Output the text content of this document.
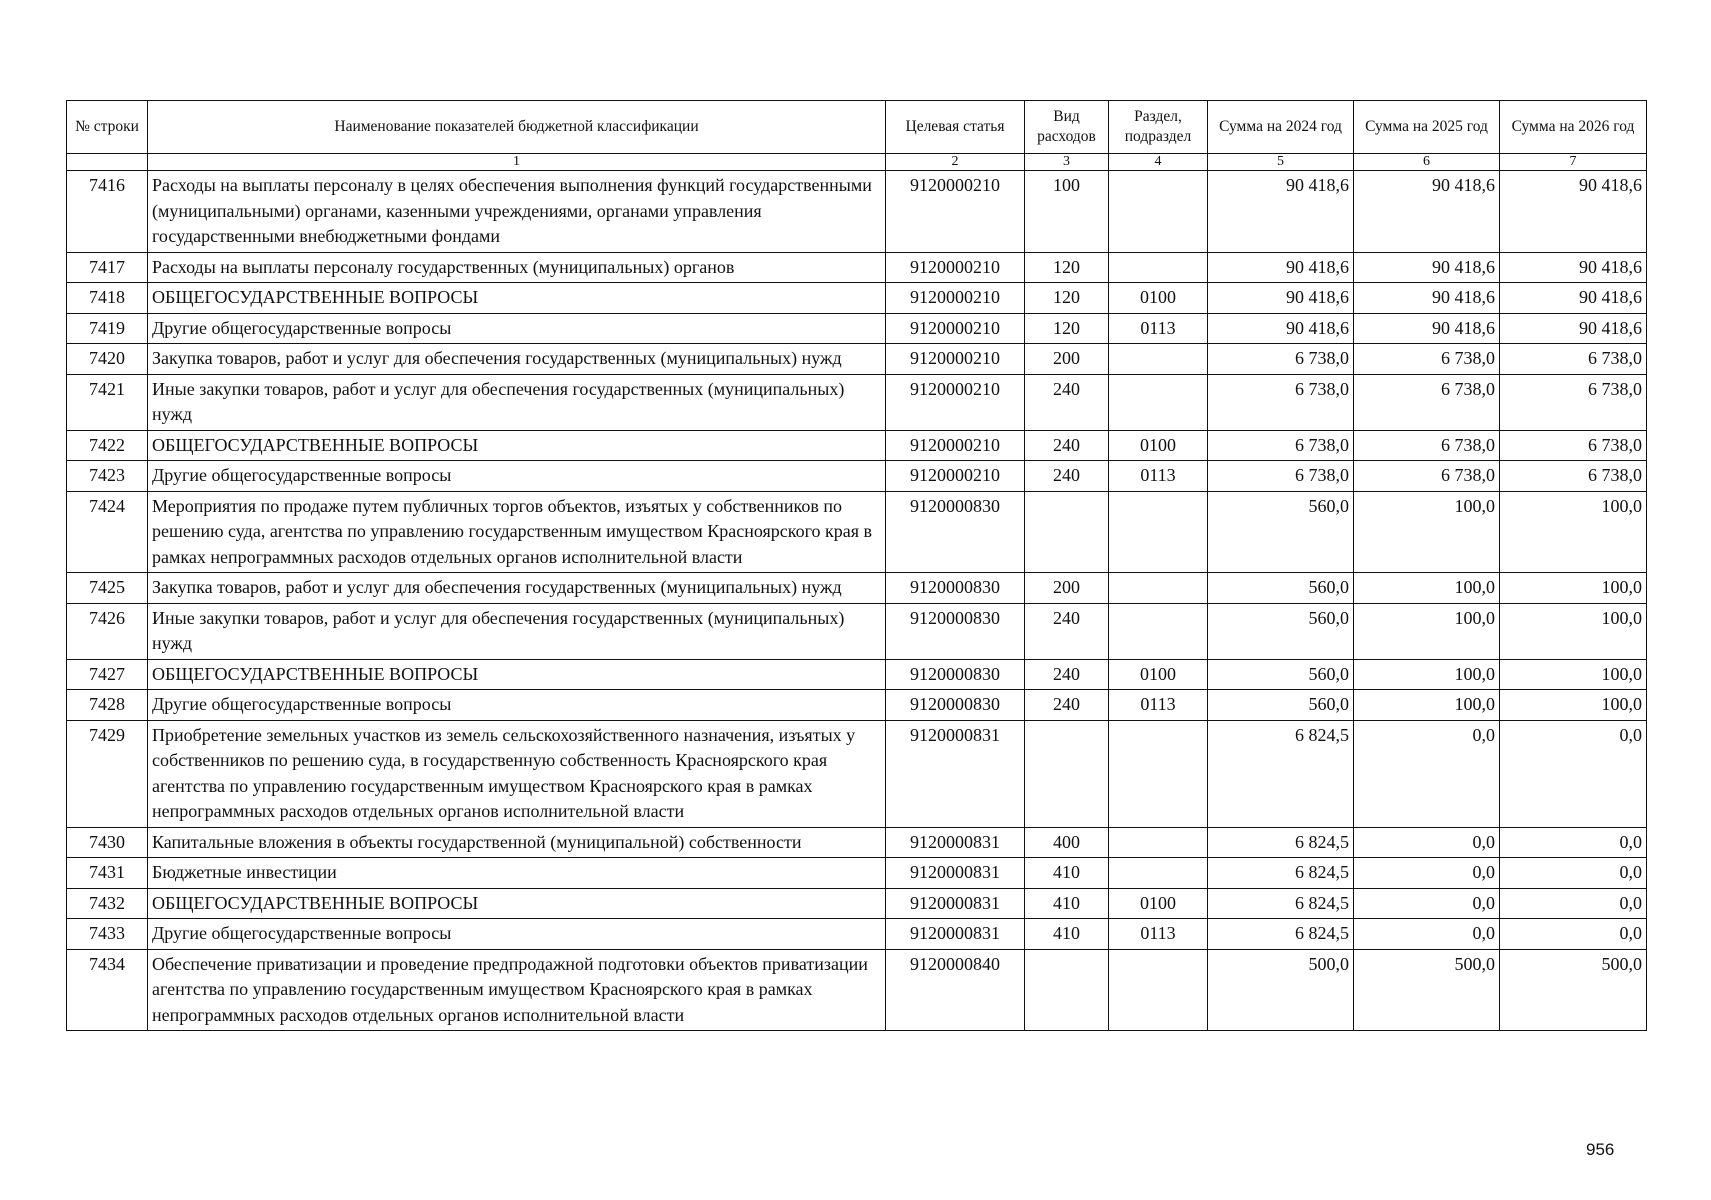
№ строки	Наименование показателей бюджетной классификации	Целевая статья	Вид расходов	Раздел, подраздел	Сумма на 2024 год	Сумма на 2025 год	Сумма на 2026 год
	1	2	3	4	5	6	7
7416	Расходы на выплаты персоналу в целях обеспечения выполнения функций государственными (муниципальными) органами, казенными учреждениями, органами управления государственными внебюджетными фондами	9120000210	100		90 418,6	90 418,6	90 418,6
7417	Расходы на выплаты персоналу государственных (муниципальных) органов	9120000210	120		90 418,6	90 418,6	90 418,6
7418	ОБЩЕГОСУДАРСТВЕННЫЕ ВОПРОСЫ	9120000210	120	0100	90 418,6	90 418,6	90 418,6
7419	Другие общегосударственные вопросы	9120000210	120	0113	90 418,6	90 418,6	90 418,6
7420	Закупка товаров, работ и услуг для обеспечения государственных (муниципальных) нужд	9120000210	200		6 738,0	6 738,0	6 738,0
7421	Иные закупки товаров, работ и услуг для обеспечения государственных (муниципальных) нужд	9120000210	240		6 738,0	6 738,0	6 738,0
7422	ОБЩЕГОСУДАРСТВЕННЫЕ ВОПРОСЫ	9120000210	240	0100	6 738,0	6 738,0	6 738,0
7423	Другие общегосударственные вопросы	9120000210	240	0113	6 738,0	6 738,0	6 738,0
7424	Мероприятия по продаже путем публичных торгов объектов, изъятых у собственников по решению суда, агентства по управлению государственным имуществом Красноярского края в рамках непрограммных расходов отдельных органов исполнительной власти	9120000830			560,0	100,0	100,0
7425	Закупка товаров, работ и услуг для обеспечения государственных (муниципальных) нужд	9120000830	200		560,0	100,0	100,0
7426	Иные закупки товаров, работ и услуг для обеспечения государственных (муниципальных) нужд	9120000830	240		560,0	100,0	100,0
7427	ОБЩЕГОСУДАРСТВЕННЫЕ ВОПРОСЫ	9120000830	240	0100	560,0	100,0	100,0
7428	Другие общегосударственные вопросы	9120000830	240	0113	560,0	100,0	100,0
7429	Приобретение земельных участков из земель сельскохозяйственного назначения, изъятых у собственников по решению суда, в государственную собственность Красноярского края агентства по управлению государственным имуществом Красноярского края в рамках непрограммных расходов отдельных органов исполнительной власти	9120000831			6 824,5	0,0	0,0
7430	Капитальные вложения в объекты государственной (муниципальной) собственности	9120000831	400		6 824,5	0,0	0,0
7431	Бюджетные инвестиции	9120000831	410		6 824,5	0,0	0,0
7432	ОБЩЕГОСУДАРСТВЕННЫЕ ВОПРОСЫ	9120000831	410	0100	6 824,5	0,0	0,0
7433	Другие общегосударственные вопросы	9120000831	410	0113	6 824,5	0,0	0,0
7434	Обеспечение приватизации и проведение предпродажной подготовки объектов приватизации агентства по управлению государственным имуществом Красноярского края в рамках непрограммных расходов отдельных органов исполнительной власти	9120000840			500,0	500,0	500,0
956
